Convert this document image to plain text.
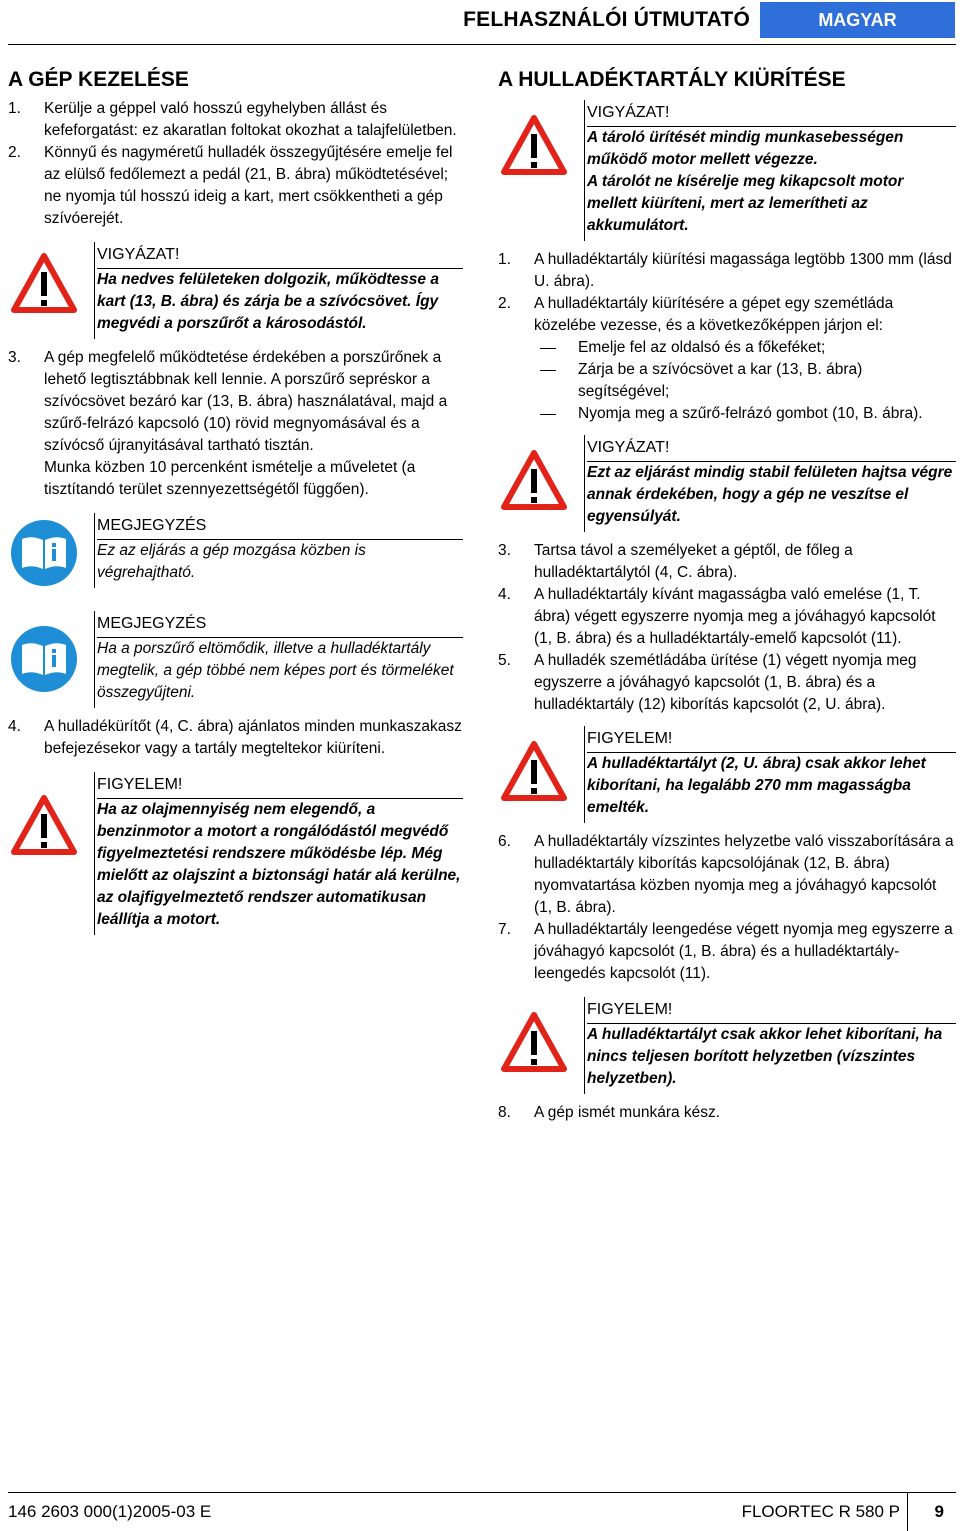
FELHASZNÁLÓI ÚTMUTATÓ	MAGYAR
A GÉP KEZELÉSE
1. Kerülje a géppel való hosszú egyhelyben állást és kefeforgatást: ez akaratlan foltokat okozhat a talajfelületben.
2. Könnyű és nagyméretű hulladék összegyűjtésére emelje fel az elülső fedőlemezt a pedál (21, B. ábra) működtetésével; ne nyomja túl hosszú ideig a kart, mert csökkentheti a gép szívóerejét.
VIGYÁZAT!
Ha nedves felületeken dolgozik, működtesse a kart (13, B. ábra) és zárja be a szívócsövet. Így megvédi a porszűrőt a károsodástól.
3. A gép megfelelő működtetése érdekében a porszűrőnek a lehető legtisztábbnak kell lennie. A porszűrő sepréskor a szívócsövet bezáró kar (13, B. ábra) használatával, majd a szűrő-felrázó kapcsoló (10) rövid megnyomásával és a szívócső újranyitásával tartható tisztán.

Munka közben 10 percenként ismételje a műveletet (a tisztítandó terület szennyezettségétől függően).

MEGJEGYZÉS
Ez az eljárás a gép mozgása közben is végrehajtható.
MEGJEGYZÉS
Ha a porszűrő eltömődik, illetve a hulladéktartály megtelik, a gép többé nem képes port és törmeléket összegyűjteni.
4. A hulladékürítőt (4, C. ábra) ajánlatos minden munkaszakasz befejezésekor vagy a tartály megteltekor kiüríteni.
FIGYELEM!
Ha az olajmennyiség nem elegendő, a benzinmotor a motort a rongálódástól megvédő figyelmeztetési rendszere működésbe lép. Még mielőtt az olajszint a biztonsági határ alá kerülne, az olajfigyelmeztető rendszer automatikusan leállítja a motort.
A HULLADÉKTARTÁLY KIÜRÍTÉSE
VIGYÁZAT!
A tároló ürítését mindig munkasebességen működő motor mellett végezze.
A tárolót ne kísérelje meg kikapcsolt motor mellett kiüríteni, mert az lemerítheti az akkumulátort.
1. A hulladéktartály kiürítési magassága legtöbb 1300 mm (lásd U. ábra).
2. A hulladéktartály kiürítésére a gépet egy szemétláda közelébe vezesse, és a következőképpen járjon el:
Emelje fel az oldalsó és a főkeféket;
Zárja be a szívócsövet a kar (13, B. ábra) segítségével;
Nyomja meg a szűrő-felrázó gombot (10, B. ábra).
VIGYÁZAT!
Ezt az eljárást mindig stabil felületen hajtsa végre annak érdekében, hogy a gép ne veszítse el egyensúlyát.
3. Tartsa távol a személyeket a géptől, de főleg a hulladéktartálytól (4, C. ábra).
4. A hulladéktartály kívánt magasságba való emelése (1, T. ábra) végett egyszerre nyomja meg a jóváhagyó kapcsolót (1, B. ábra) és a hulladéktartály-emelő kapcsolót (11).
5. A hulladék szemétládába ürítése (1) végett nyomja meg egyszerre a jóváhagyó kapcsolót (1, B. ábra) és a hulladéktartály (12) kiborítás kapcsolót (2, U. ábra).
FIGYELEM!
A hulladéktartályt (2, U. ábra) csak akkor lehet kiborítani, ha legalább 270 mm magasságba emelték.
6. A hulladéktartály vízszintes helyzetbe való visszaborítására a hulladéktartály kiborítás kapcsolójának (12, B. ábra) nyomvatartása közben nyomja meg a jóváhagyó kapcsolót (1, B. ábra).
7. A hulladéktartály leengedése végett nyomja meg egyszerre a jóváhagyó kapcsolót (1, B. ábra) és a hulladéktartály-leengedés kapcsolót (11).
FIGYELEM!
A hulladéktartályt csak akkor lehet kiborítani, ha nincs teljesen borított helyzetben (vízszintes helyzetben).
8. A gép ismét munkára kész.
146 2603 000(1)2005-03 E	FLOORTEC R 580 P 9
